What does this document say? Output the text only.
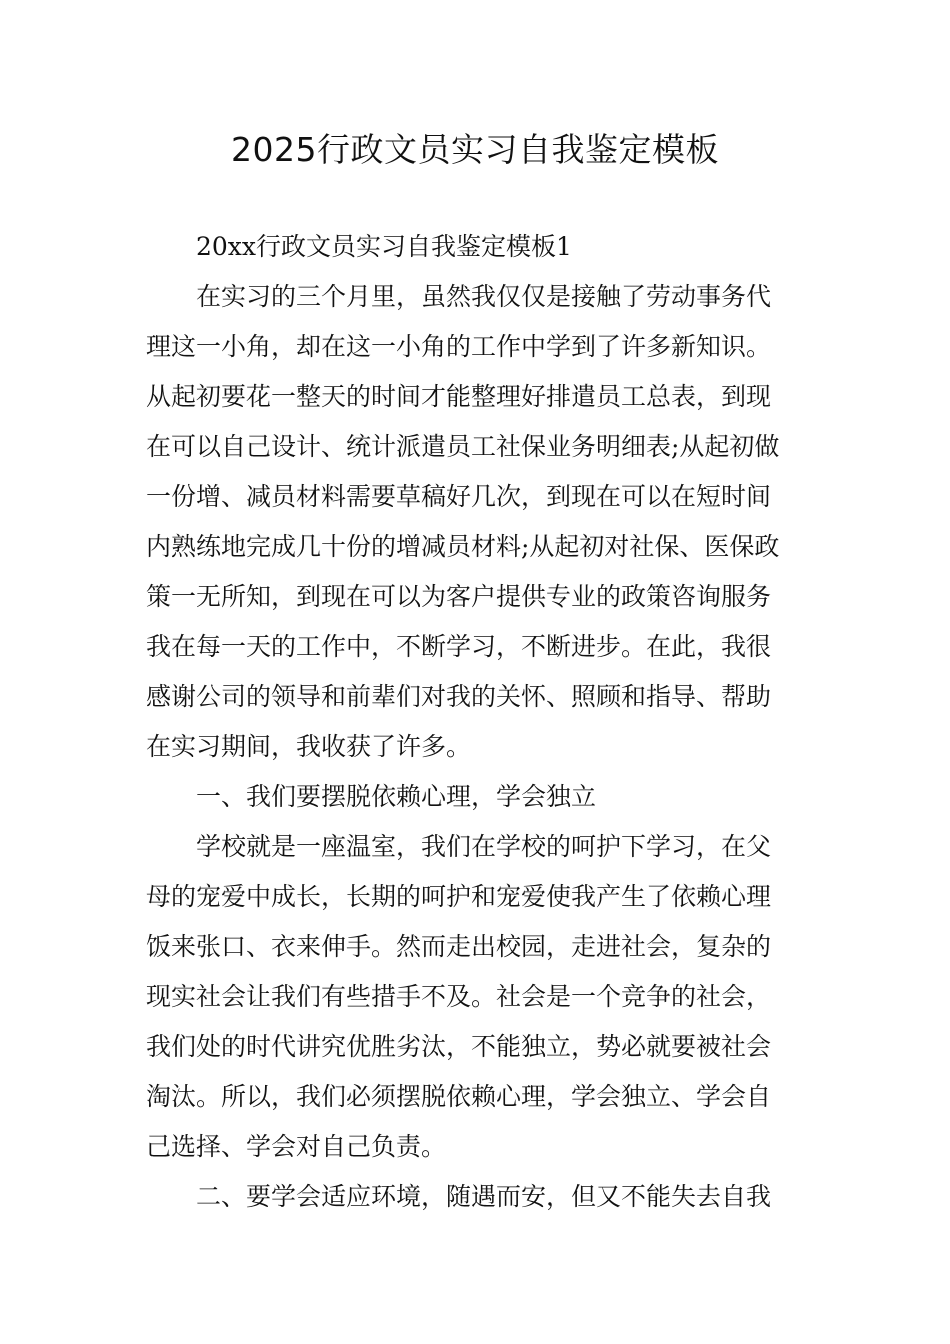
2025行政文员实习自我鉴定模板

20xx行政文员实习自我鉴定模板1

在实习的三个月里，虽然我仅仅是接触了劳动事务代

理这一小角，却在这一小角的工作中学到了许多新知识。

从起初要花一整天的时间才能整理好排遣员工总表，到现

在可以自己设计、统计派遣员工社保业务明细表;从起初做

一份增、减员材料需要草稿好几次，到现在可以在短时间

内熟练地完成几十份的增减员材料;从起初对社保、医保政

策一无所知，到现在可以为客户提供专业的政策咨询服务

我在每一天的工作中，不断学习，不断进步。在此，我很

感谢公司的领导和前辈们对我的关怀、照顾和指导、帮助

在实习期间，我收获了许多。

一、我们要摆脱依赖心理，学会独立

学校就是一座温室，我们在学校的呵护下学习，在父

母的宠爱中成长，长期的呵护和宠爱使我产生了依赖心理

饭来张口、衣来伸手。然而走出校园，走进社会，复杂的

现实社会让我们有些措手不及。社会是一个竞争的社会，

我们处的时代讲究优胜劣汰，不能独立，势必就要被社会

淘汰。所以，我们必须摆脱依赖心理，学会独立、学会自

己选择、学会对自己负责。

二、要学会适应环境，随遇而安，但又不能失去自我
